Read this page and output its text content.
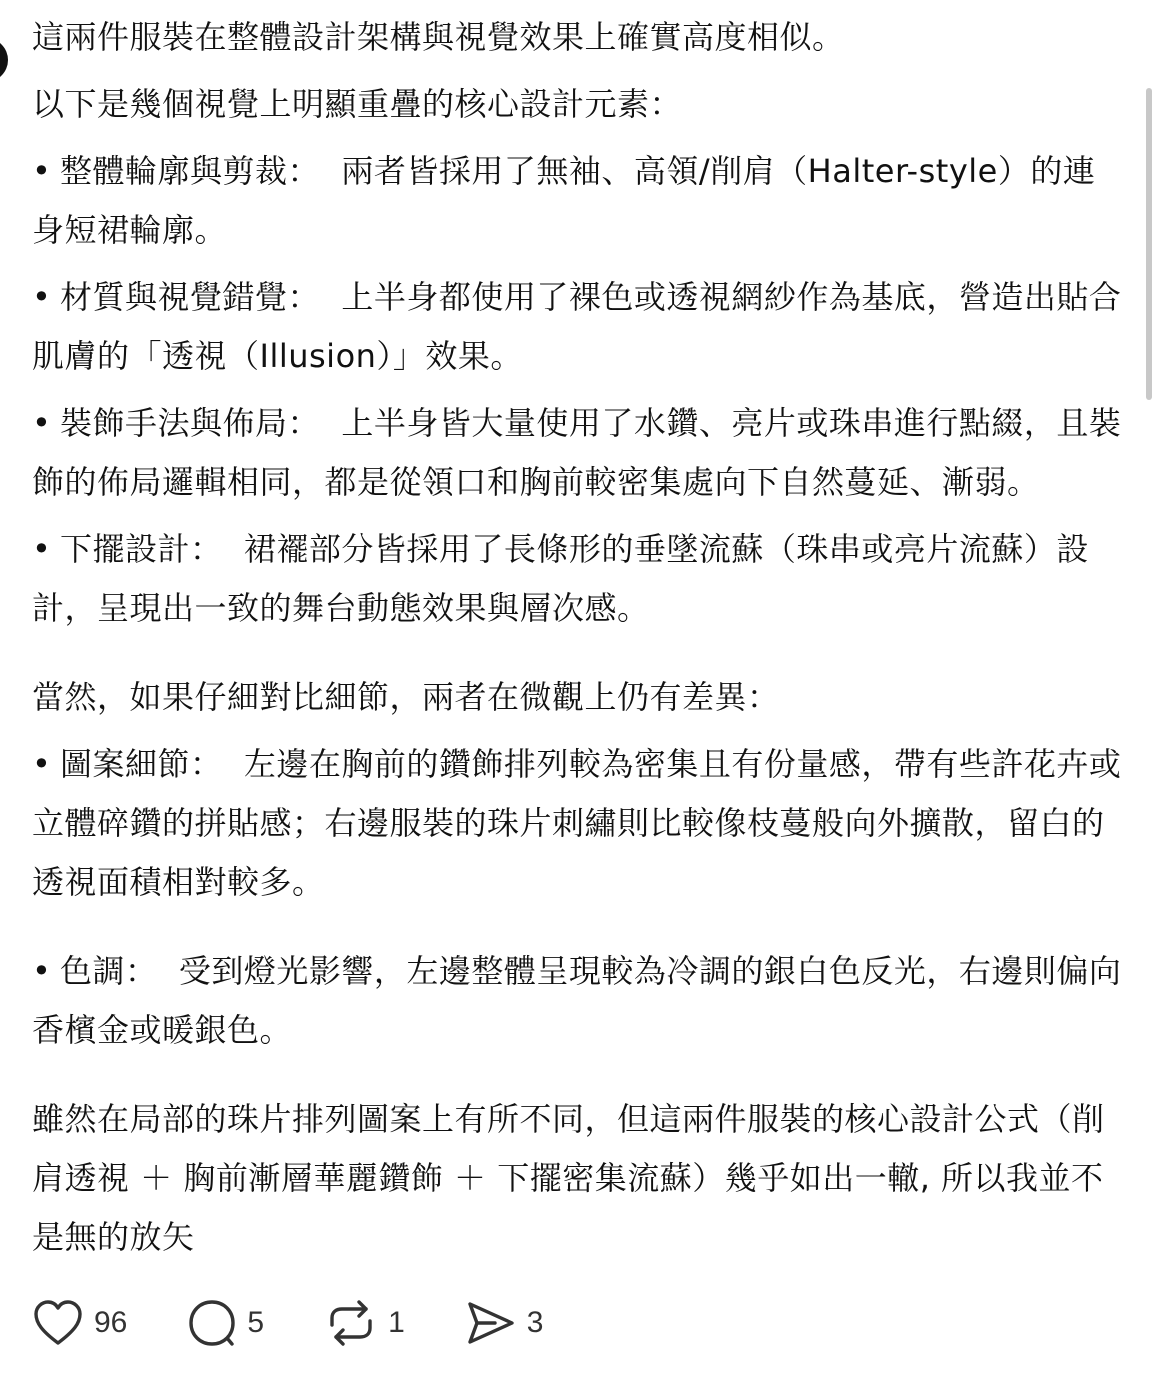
這兩件服裝在整體設計架構與視覺效果上確實高度相似。

以下是幾個視覺上明顯重疊的核心設計元素：

• 整體輪廓與剪裁： 兩者皆採用了無袖、高領/削肩（Halter-style）的連身短裙輪廓。

• 材質與視覺錯覺： 上半身都使用了裸色或透視網紗作為基底，營造出貼合肌膚的「透視（Illusion）」效果。

• 裝飾手法與佈局： 上半身皆大量使用了水鑽、亮片或珠串進行點綴，且裝飾的佈局邏輯相同，都是從領口和胸前較密集處向下自然蔓延、漸弱。

• 下擺設計： 裙襬部分皆採用了長條形的垂墜流蘇（珠串或亮片流蘇）設計，呈現出一致的舞台動態效果與層次感。

當然，如果仔細對比細節，兩者在微觀上仍有差異：

• 圖案細節： 左邊在胸前的鑽飾排列較為密集且有份量感，帶有些許花卉或立體碎鑽的拼貼感；右邊服裝的珠片刺繡則比較像枝蔓般向外擴散，留白的透視面積相對較多。

• 色調： 受到燈光影響，左邊整體呈現較為冷調的銀白色反光，右邊則偏向香檳金或暖銀色。

雖然在局部的珠片排列圖案上有所不同，但這兩件服裝的核心設計公式（削肩透視 ＋ 胸前漸層華麗鑽飾 ＋ 下擺密集流蘇）幾乎如出一轍, 所以我並不是無的放矢

96	5	1	3
